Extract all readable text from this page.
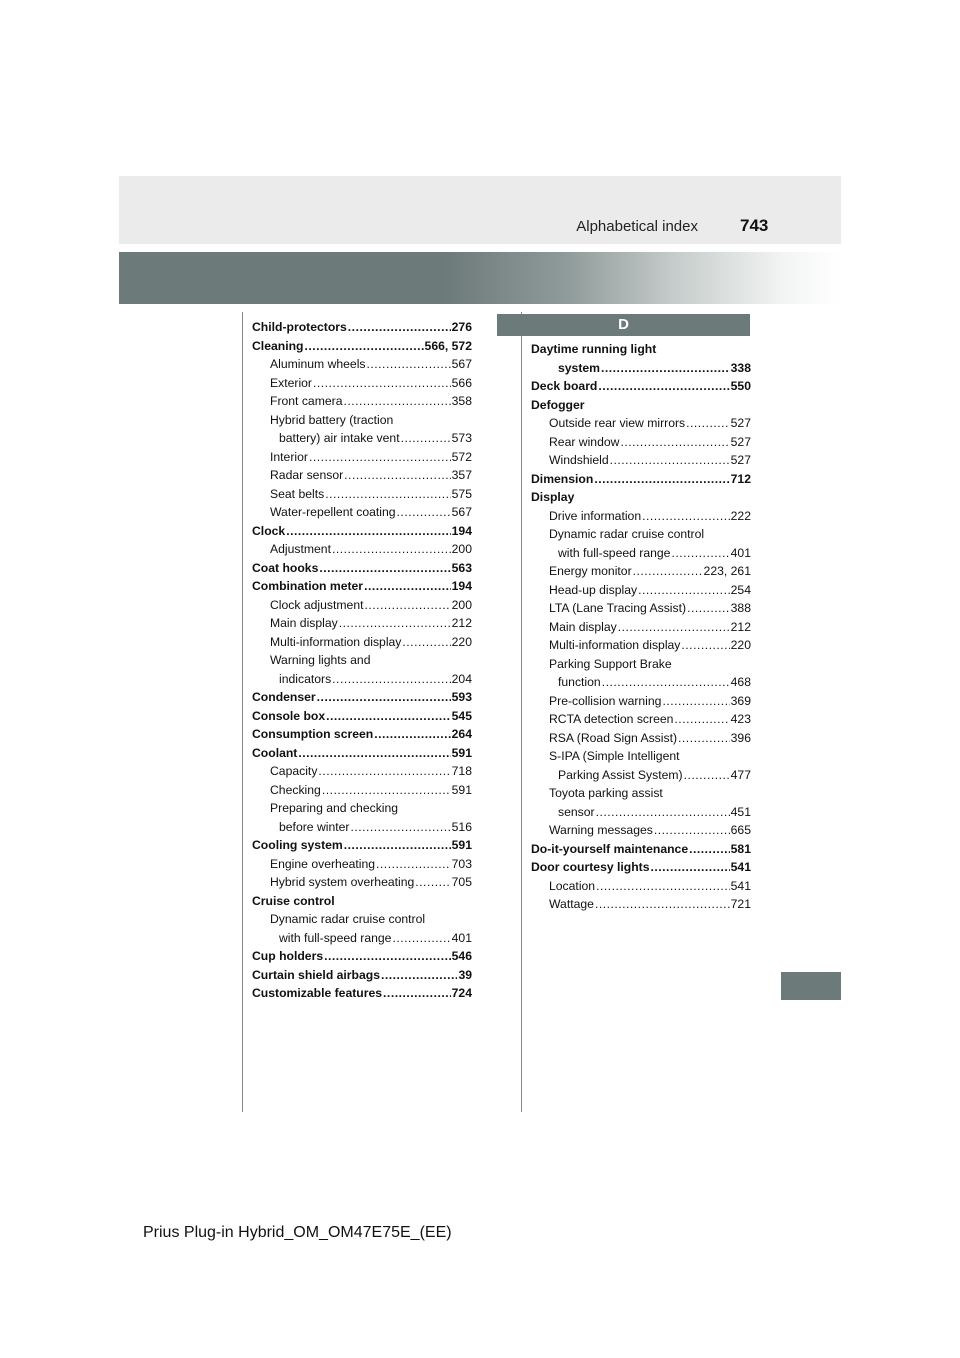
Alphabetical index 743
Child-protectors .....	276
Cleaning .....	566, 572
Aluminum wheels .....	567
Exterior .....	566
Front camera .....	358
Hybrid battery (traction
battery) air intake vent .....	573
Interior .....	572
Radar sensor .....	357
Seat belts .....	575
Water-repellent coating .....	567
Clock .....	194
Adjustment .....	200
Coat hooks .....	563
Combination meter .....	194
Clock adjustment .....	200
Main display .....	212
Multi-information display .....	220
Warning lights and
indicators .....	204
Condenser .....	593
Console box .....	545
Consumption screen .....	264
Coolant .....	591
Capacity .....	718
Checking .....	591
Preparing and checking
before winter .....	516
Cooling system .....	591
Engine overheating .....	703
Hybrid system overheating .....	705
Cruise control
Dynamic radar cruise control
with full-speed range .....	401
Cup holders .....	546
Curtain shield airbags .....	39
Customizable features .....	724
D
Daytime running light
system .....	338
Deck board .....	550
Defogger
Outside rear view mirrors .....	527
Rear window .....	527
Windshield .....	527
Dimension .....	712
Display
Drive information .....	222
Dynamic radar cruise control
with full-speed range .....	401
Energy monitor .....	223, 261
Head-up display .....	254
LTA (Lane Tracing Assist) .....	388
Main display .....	212
Multi-information display .....	220
Parking Support Brake
function .....	468
Pre-collision warning .....	369
RCTA detection screen .....	423
RSA (Road Sign Assist) .....	396
S-IPA (Simple Intelligent
Parking Assist System) .....	477
Toyota parking assist
sensor .....	451
Warning messages .....	665
Do-it-yourself maintenance .....	581
Door courtesy lights .....	541
Location .....	541
Wattage .....	721
Prius Plug-in Hybrid_OM_OM47E75E_(EE)
